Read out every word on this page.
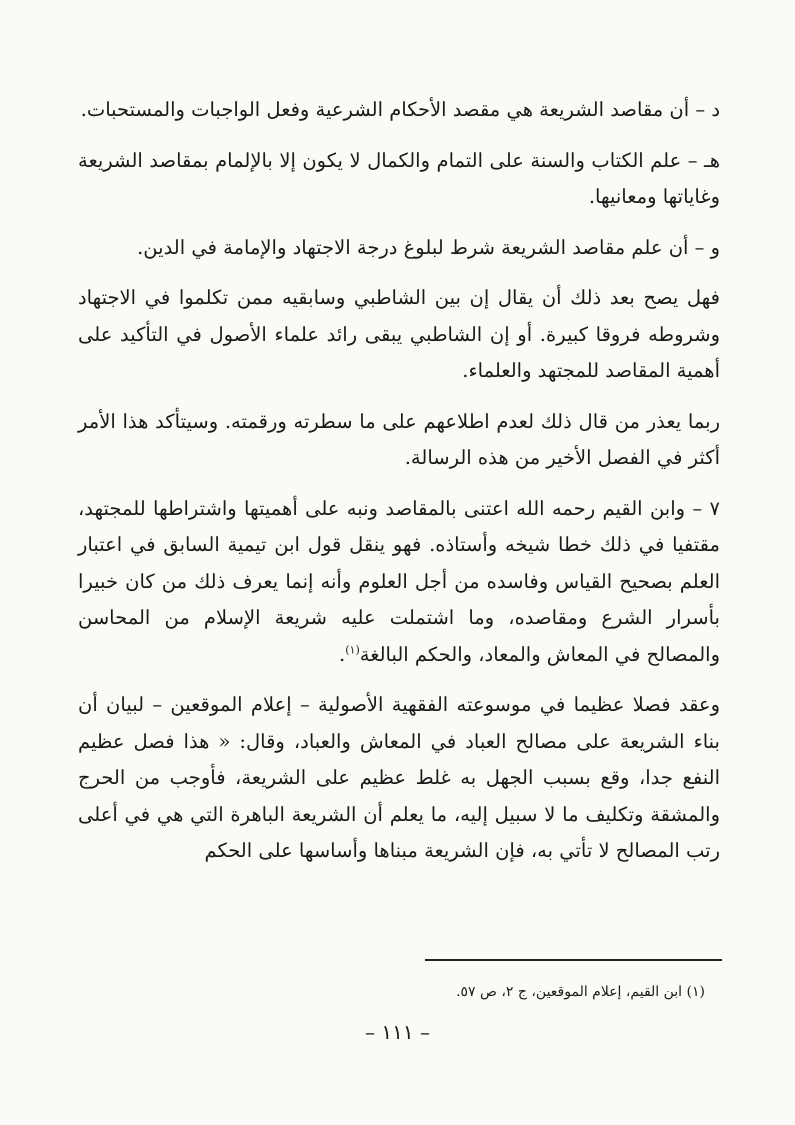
د – أن مقاصد الشريعة هي مقصد الأحكام الشرعية وفعل الواجبات والمستحبات.

هـ – علم الكتاب والسنة على التمام والكمال لا يكون إلا بالإلمام بمقاصد الشريعة وغاياتها ومعانيها.

و – أن علم مقاصد الشريعة شرط لبلوغ درجة الاجتهاد والإمامة في الدين.

فهل يصح بعد ذلك أن يقال إن بين الشاطبي وسابقيه ممن تكلموا في الاجتهاد وشروطه فروقا كبيرة. أو إن الشاطبي يبقى رائد علماء الأصول في التأكيد على أهمية المقاصد للمجتهد والعلماء.

ربما يعذر من قال ذلك لعدم اطلاعهم على ما سطرته ورقمته. وسيتأكد هذا الأمر أكثر في الفصل الأخير من هذه الرسالة.

٧ – وابن القيم رحمه الله اعتنى بالمقاصد ونبه على أهميتها واشتراطها للمجتهد، مقتفيا في ذلك خطا شيخه وأستاذه. فهو ينقل قول ابن تيمية السابق في اعتبار العلم بصحيح القياس وفاسده من أجل العلوم وأنه إنما يعرف ذلك من كان خبيرا بأسرار الشرع ومقاصده، وما اشتملت عليه شريعة الإسلام من المحاسن والمصالح في المعاش والمعاد، والحكم البالغة$^{(١)}$.

وعقد فصلا عظيما في موسوعته الفقهية الأصولية – إعلام الموقعين – لبيان أن بناء الشريعة على مصالح العباد في المعاش والعباد، وقال: « هذا فصل عظيم النفع جدا، وقع بسبب الجهل به غلط عظيم على الشريعة، فأوجب من الحرج والمشقة وتكليف ما لا سبيل إليه، ما يعلم أن الشريعة الباهرة التي هي في أعلى رتب المصالح لا تأتي به، فإن الشريعة مبناها وأساسها على الحكم

(١) ابن القيم، إعلام الموقعين، ج ٢، ص ٥٧.
– ١١١ –
